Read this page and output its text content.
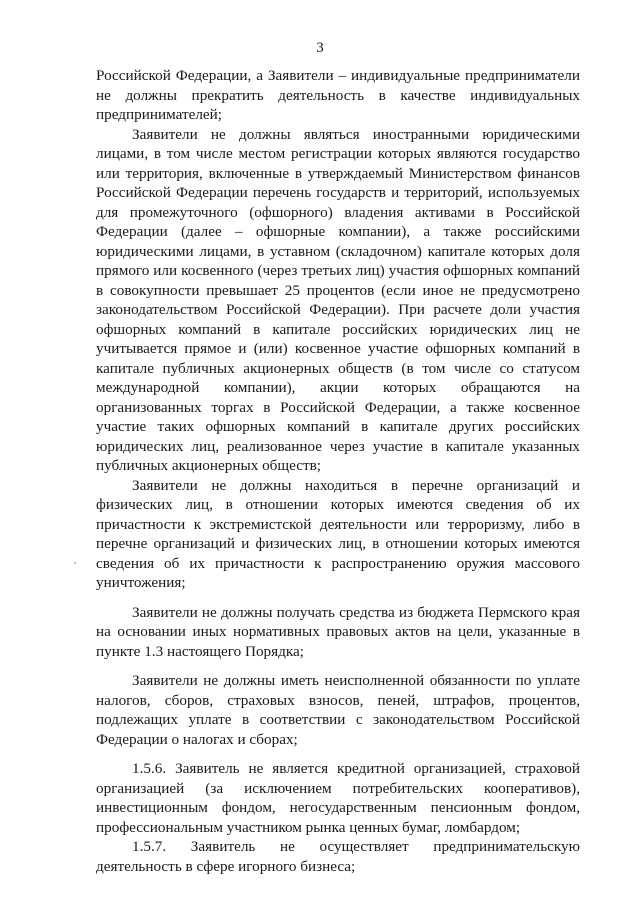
3

Российской Федерации, а Заявители – индивидуальные предприниматели не должны прекратить деятельность в качестве индивидуальных предпринимателей;

Заявители не должны являться иностранными юридическими лицами, в том числе местом регистрации которых являются государство или территория, включенные в утверждаемый Министерством финансов Российской Федерации перечень государств и территорий, используемых для промежуточного (офшорного) владения активами в Российской Федерации (далее – офшорные компании), а также российскими юридическими лицами, в уставном (складочном) капитале которых доля прямого или косвенного (через третьих лиц) участия офшорных компаний в совокупности превышает 25 процентов (если иное не предусмотрено законодательством Российской Федерации). При расчете доли участия офшорных компаний в капитале российских юридических лиц не учитывается прямое и (или) косвенное участие офшорных компаний в капитале публичных акционерных обществ (в том числе со статусом международной компании), акции которых обращаются на организованных торгах в Российской Федерации, а также косвенное участие таких офшорных компаний в капитале других российских юридических лиц, реализованное через участие в капитале указанных публичных акционерных обществ;

Заявители не должны находиться в перечне организаций и физических лиц, в отношении которых имеются сведения об их причастности к экстремистской деятельности или терроризму, либо в перечне организаций и физических лиц, в отношении которых имеются сведения об их причастности к распространению оружия массового уничтожения;

Заявители не должны получать средства из бюджета Пермского края на основании иных нормативных правовых актов на цели, указанные в пункте 1.3 настоящего Порядка;

Заявители не должны иметь неисполненной обязанности по уплате налогов, сборов, страховых взносов, пеней, штрафов, процентов, подлежащих уплате в соответствии с законодательством Российской Федерации о налогах и сборах;

1.5.6. Заявитель не является кредитной организацией, страховой организацией (за исключением потребительских кооперативов), инвестиционным фондом, негосударственным пенсионным фондом, профессиональным участником рынка ценных бумаг, ломбардом;

1.5.7. Заявитель не осуществляет предпринимательскую деятельность в сфере игорного бизнеса;
